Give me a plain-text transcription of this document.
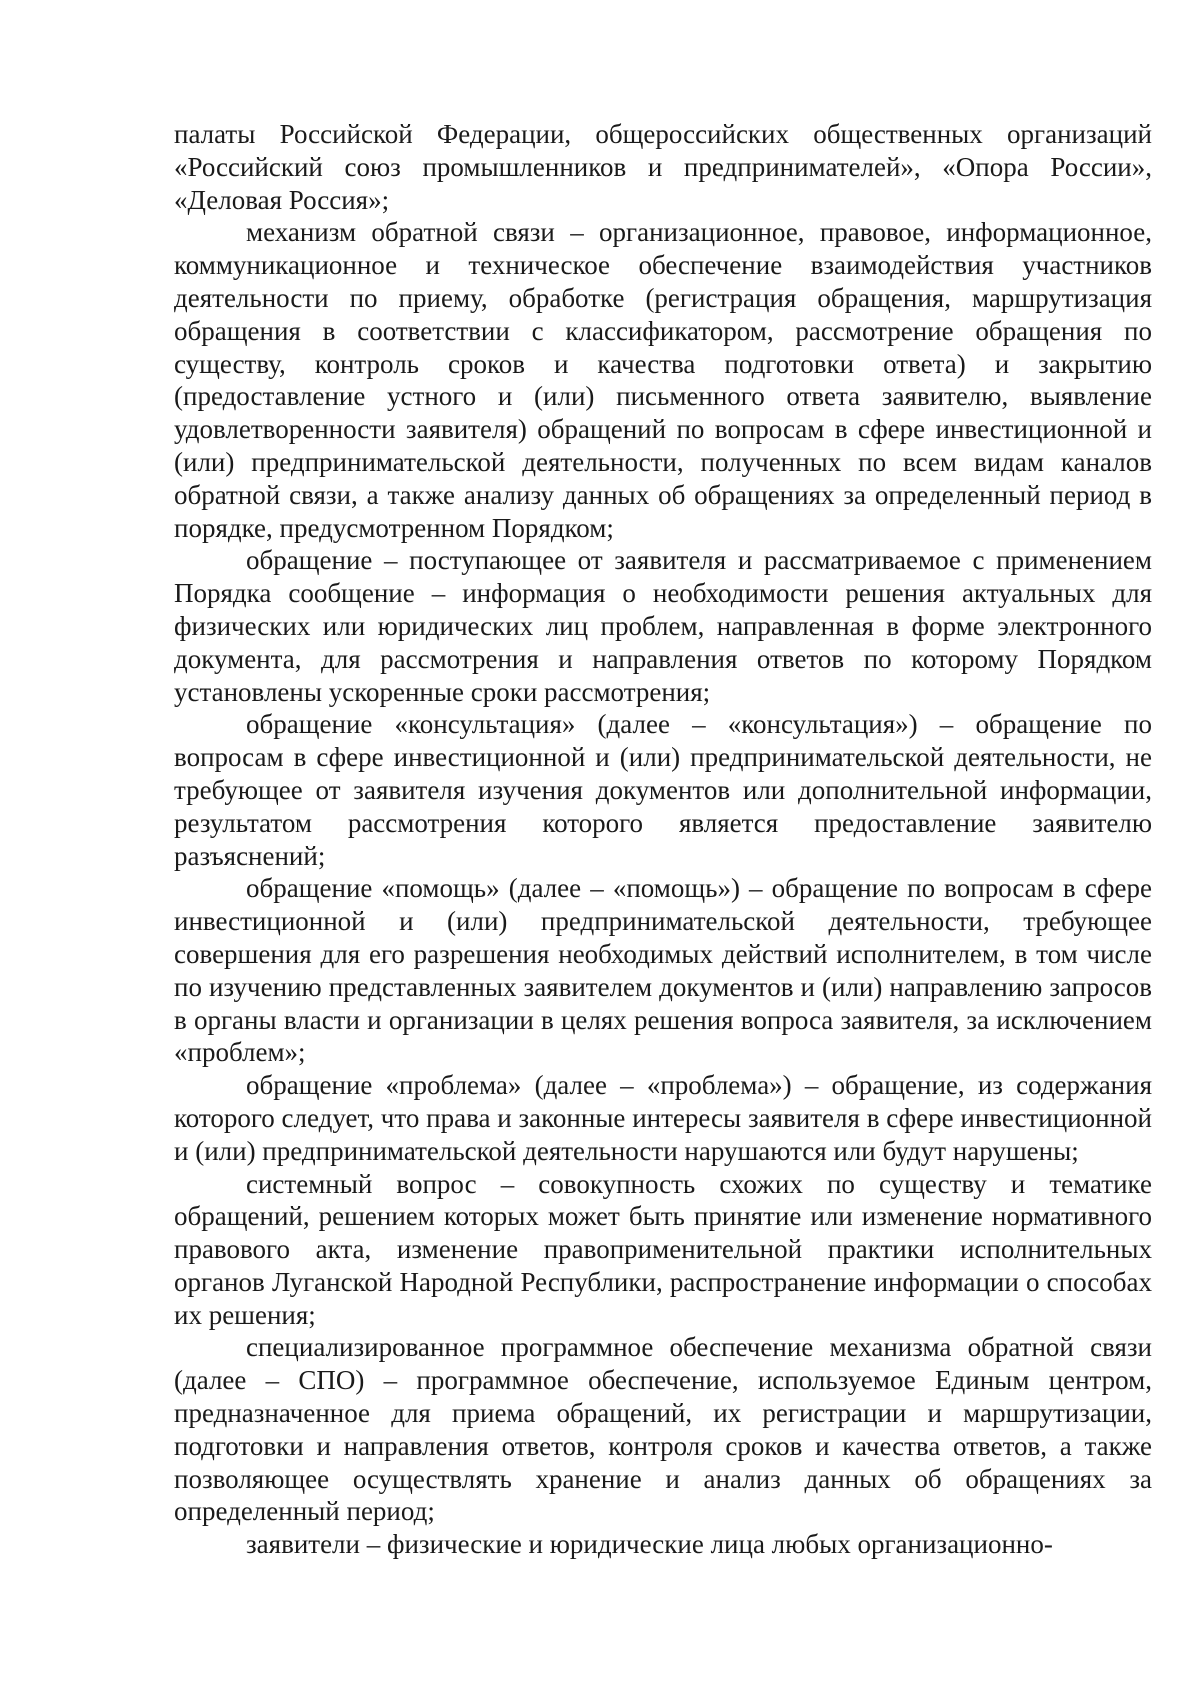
палаты Российской Федерации, общероссийских общественных организаций «Российский союз промышленников и предпринимателей», «Опора России», «Деловая Россия»;

механизм обратной связи – организационное, правовое, информационное, коммуникационное и техническое обеспечение взаимодействия участников деятельности по приему, обработке (регистрация обращения, маршрутизация обращения в соответствии с классификатором, рассмотрение обращения по существу, контроль сроков и качества подготовки ответа) и закрытию (предоставление устного и (или) письменного ответа заявителю, выявление удовлетворенности заявителя) обращений по вопросам в сфере инвестиционной и (или) предпринимательской деятельности, полученных по всем видам каналов обратной связи, а также анализу данных об обращениях за определенный период в порядке, предусмотренном Порядком;

обращение – поступающее от заявителя и рассматриваемое с применением Порядка сообщение – информация о необходимости решения актуальных для физических или юридических лиц проблем, направленная в форме электронного документа, для рассмотрения и направления ответов по которому Порядком установлены ускоренные сроки рассмотрения;

обращение «консультация» (далее – «консультация») – обращение по вопросам в сфере инвестиционной и (или) предпринимательской деятельности, не требующее от заявителя изучения документов или дополнительной информации, результатом рассмотрения которого является предоставление заявителю разъяснений;

обращение «помощь» (далее – «помощь») – обращение по вопросам в сфере инвестиционной и (или) предпринимательской деятельности, требующее совершения для его разрешения необходимых действий исполнителем, в том числе по изучению представленных заявителем документов и (или) направлению запросов в органы власти и организации в целях решения вопроса заявителя, за исключением «проблем»;

обращение «проблема» (далее – «проблема») – обращение, из содержания которого следует, что права и законные интересы заявителя в сфере инвестиционной и (или) предпринимательской деятельности нарушаются или будут нарушены;

системный вопрос – совокупность схожих по существу и тематике обращений, решением которых может быть принятие или изменение нормативного правового акта, изменение правоприменительной практики исполнительных органов Луганской Народной Республики, распространение информации о способах их решения;

специализированное программное обеспечение механизма обратной связи (далее – СПО) – программное обеспечение, используемое Единым центром, предназначенное для приема обращений, их регистрации и маршрутизации, подготовки и направления ответов, контроля сроков и качества ответов, а также позволяющее осуществлять хранение и анализ данных об обращениях за определенный период;

заявители – физические и юридические лица любых организационно-
